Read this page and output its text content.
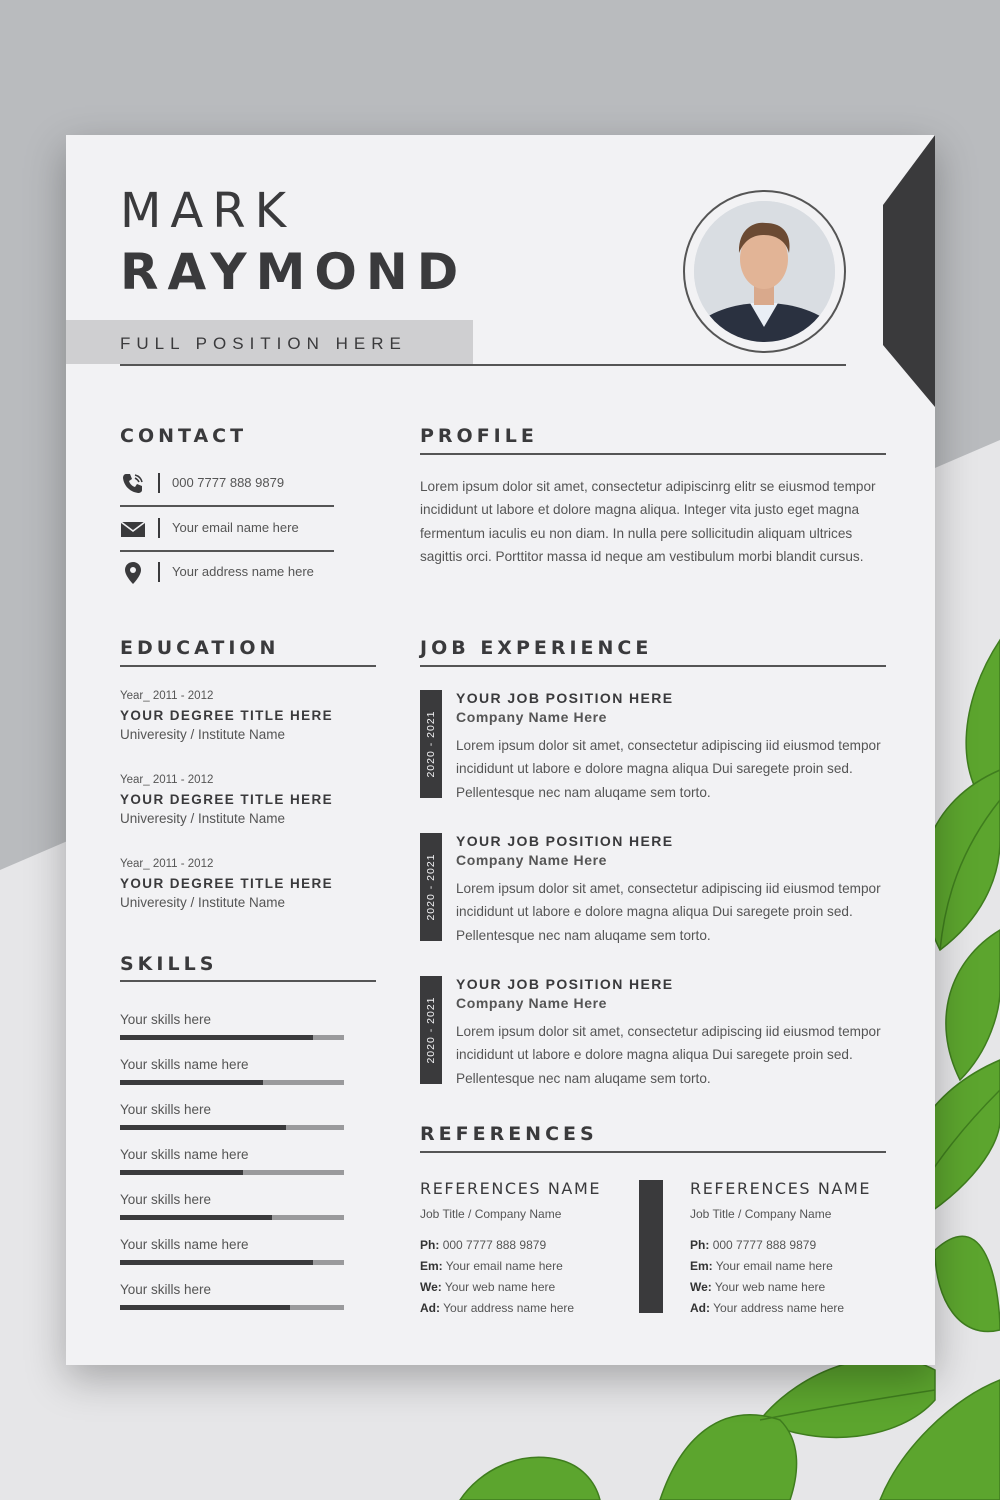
MARK
RAYMOND
FULL POSITION HERE
CONTACT
000 7777 888 9879
Your email name here
Your address name here
EDUCATION
Year_ 2011 - 2012
YOUR DEGREE TITLE HERE
Univeresity / Institute Name
Year_ 2011 - 2012
YOUR DEGREE TITLE HERE
Univeresity / Institute Name
Year_ 2011 - 2012
YOUR DEGREE TITLE HERE
Univeresity / Institute Name
SKILLS
Your skills here
Your skills name here
Your skills here
Your skills name here
Your skills here
Your skills name here
Your skills here
PROFILE
Lorem ipsum dolor sit amet, consectetur adipiscinrg elitr se eiusmod tempor incididunt ut labore et dolore magna aliqua. Integer vita justo eget magna fermentum iaculis eu non diam. In nulla pere sollicitudin aliquam ultrices sagittis orci. Porttitor massa id neque am vestibulum morbi blandit cursus.
JOB EXPERIENCE
2020 - 2021
YOUR JOB POSITION HERE
Company Name Here
Lorem ipsum dolor sit amet, consectetur adipiscing iid eiusmod tempor incididunt ut labore e dolore magna aliqua Dui saregete proin sed. Pellentesque nec nam aluqame sem torto.
2020 - 2021
YOUR JOB POSITION HERE
Company Name Here
Lorem ipsum dolor sit amet, consectetur adipiscing iid eiusmod tempor incididunt ut labore e dolore magna aliqua Dui saregete proin sed. Pellentesque nec nam aluqame sem torto.
2020 - 2021
YOUR JOB POSITION HERE
Company Name Here
Lorem ipsum dolor sit amet, consectetur adipiscing iid eiusmod tempor incididunt ut labore e dolore magna aliqua Dui saregete proin sed. Pellentesque nec nam aluqame sem torto.
REFERENCES
REFERENCES NAME
Job Title / Company Name
Ph: 000 7777 888 9879
Em: Your email name here
We: Your web name here
Ad: Your address name here
REFERENCES NAME
Job Title / Company Name
Ph: 000 7777 888 9879
Em: Your email name here
We: Your web name here
Ad: Your address name here
